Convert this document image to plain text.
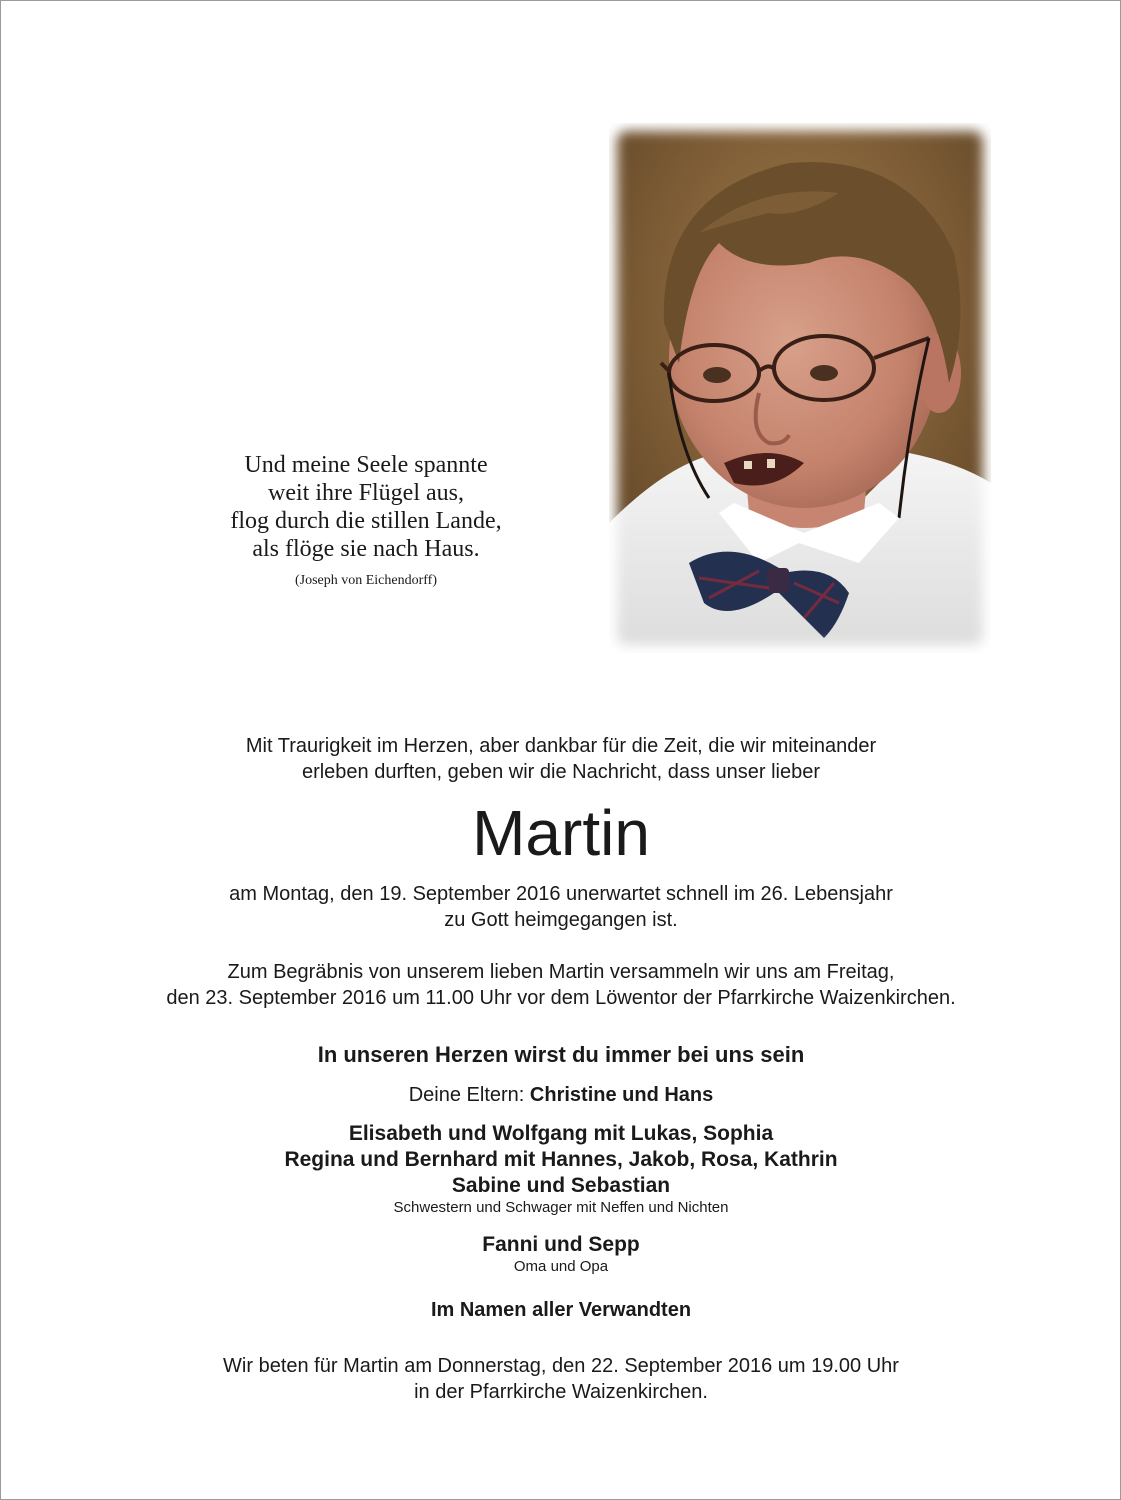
Und meine Seele spannte
weit ihre Flügel aus,
flog durch die stillen Lande,
als flöge sie nach Haus.
(Joseph von Eichendorff)
Mit Traurigkeit im Herzen, aber dankbar für die Zeit, die wir miteinander
erleben durften, geben wir die Nachricht, dass unser lieber
Martin
am Montag, den 19. September 2016 unerwartet schnell im 26. Lebensjahr
zu Gott heimgegangen ist.
Zum Begräbnis von unserem lieben Martin versammeln wir uns am Freitag,
den 23. September 2016 um 11.00 Uhr vor dem Löwentor der Pfarrkirche Waizenkirchen.
In unseren Herzen wirst du immer bei uns sein
Deine Eltern: Christine und Hans
Elisabeth und Wolfgang mit Lukas, Sophia
Regina und Bernhard mit Hannes, Jakob, Rosa, Kathrin
Sabine und Sebastian
Schwestern und Schwager mit Neffen und Nichten
Fanni und Sepp
Oma und Opa
Im Namen aller Verwandten
Wir beten für Martin am Donnerstag, den 22. September 2016 um 19.00 Uhr
in der Pfarrkirche Waizenkirchen.
